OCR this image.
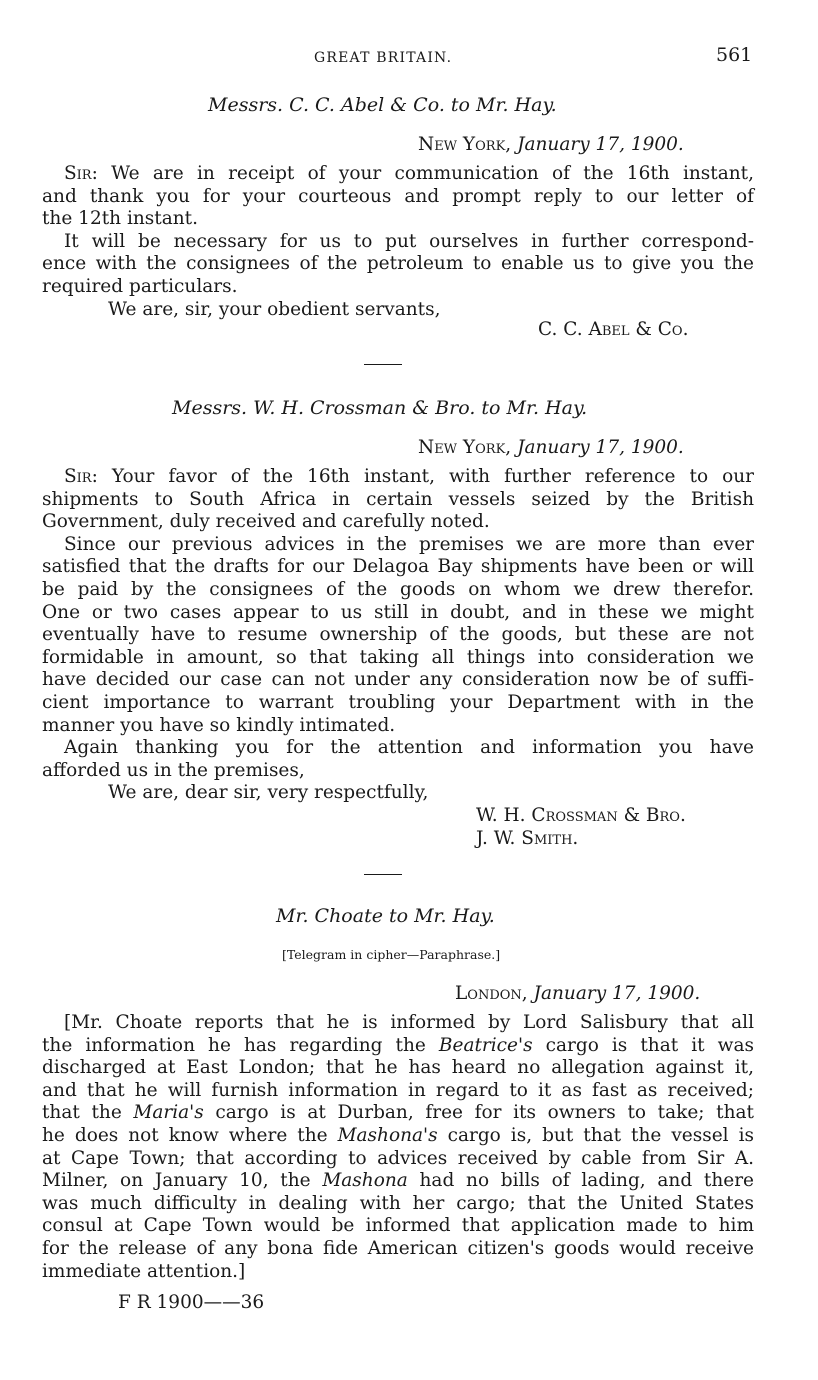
GREAT BRITAIN.	561
Messrs. C. C. Abel & Co. to Mr. Hay.
New York, January 17, 1900.
Sir: We are in receipt of your communication of the 16th instant,
and thank you for your courteous and prompt reply to our letter of
the 12th instant.
It will be necessary for us to put ourselves in further correspond-
ence with the consignees of the petroleum to enable us to give you the
required particulars.
We are, sir, your obedient servants,
C. C. Abel & Co.
Messrs. W. H. Crossman & Bro. to Mr. Hay.
New York, January 17, 1900.
Sir: Your favor of the 16th instant, with further reference to our
shipments to South Africa in certain vessels seized by the British
Government, duly received and carefully noted.
Since our previous advices in the premises we are more than ever
satisfied that the drafts for our Delagoa Bay shipments have been or will
be paid by the consignees of the goods on whom we drew therefor.
One or two cases appear to us still in doubt, and in these we might
eventually have to resume ownership of the goods, but these are not
formidable in amount, so that taking all things into consideration we
have decided our case can not under any consideration now be of suffi-
cient importance to warrant troubling your Department with in the
manner you have so kindly intimated.
Again thanking you for the attention and information you have
afforded us in the premises,
We are, dear sir, very respectfully,
W. H. Crossman & Bro.
J. W. Smith.
Mr. Choate to Mr. Hay.
[Telegram in cipher—Paraphrase.]
London, January 17, 1900.
[Mr. Choate reports that he is informed by Lord Salisbury that all
the information he has regarding the Beatrice's cargo is that it was
discharged at East London; that he has heard no allegation against it,
and that he will furnish information in regard to it as fast as received;
that the Maria's cargo is at Durban, free for its owners to take; that
he does not know where the Mashona's cargo is, but that the vessel is
at Cape Town; that according to advices received by cable from Sir A.
Milner, on January 10, the Mashona had no bills of lading, and there
was much difficulty in dealing with her cargo; that the United States
consul at Cape Town would be informed that application made to him
for the release of any bona fide American citizen's goods would receive
immediate attention.]
F R 1900——36
